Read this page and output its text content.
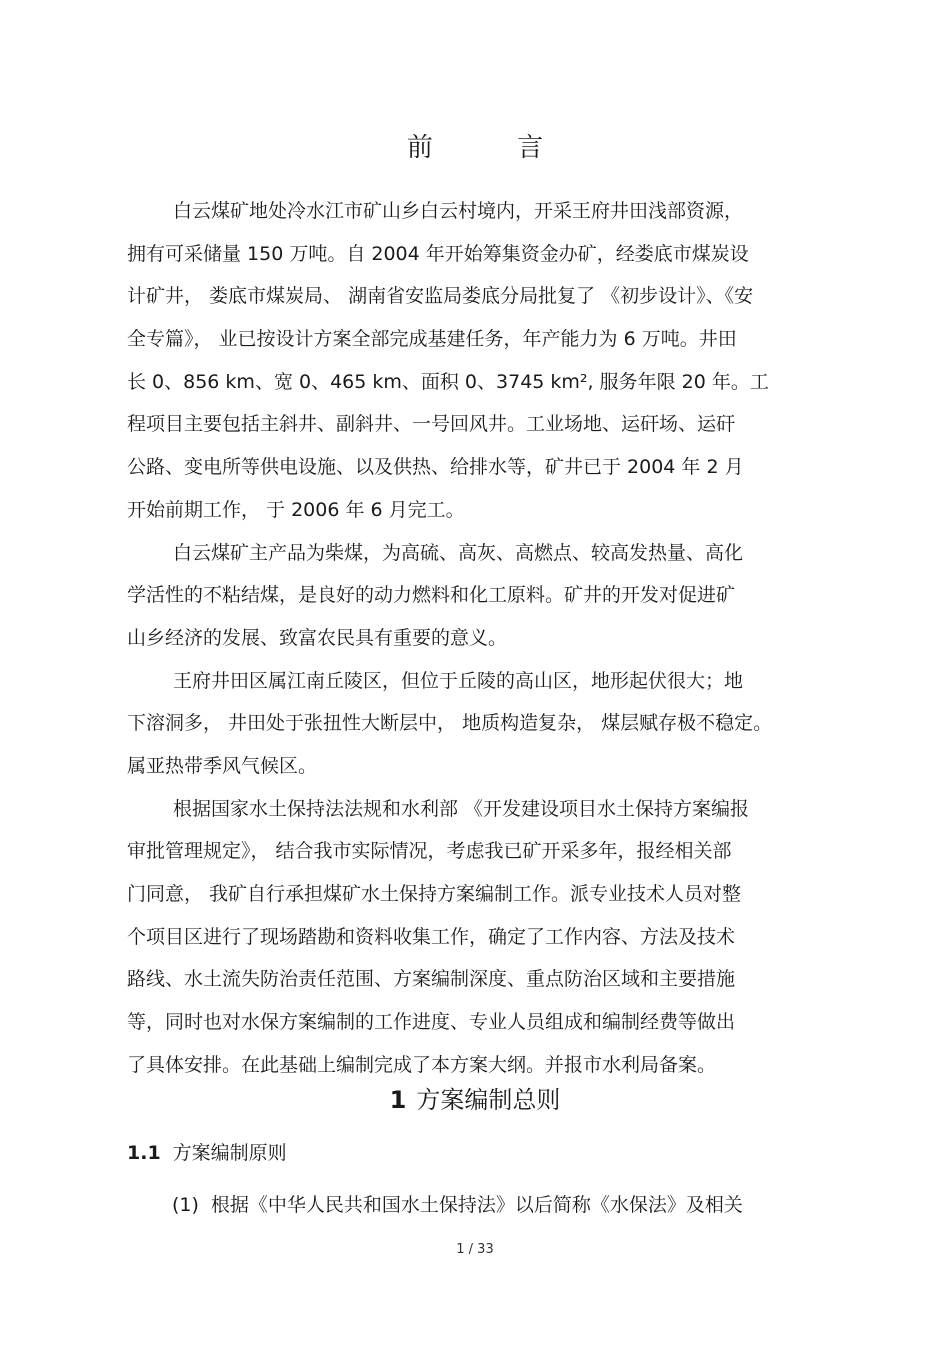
前 言
白云煤矿地处冷水江市矿山乡白云村境内，开采王府井田浅部资源，
拥有可采储量 150 万吨。自 2004 年开始筹集资金办矿，经娄底市煤炭设
计矿井， 娄底市煤炭局、 湖南省安监局娄底分局批复了 《初步设计》、《安
全专篇》， 业已按设计方案全部完成基建任务，年产能力为 6 万吨。井田
长 0、856 km、宽 0、465 km、面积 0、3745 km², 服务年限 20 年。工
程项目主要包括主斜井、副斜井、一号回风井。工业场地、运矸场、运矸
公路、变电所等供电设施、以及供热、给排水等，矿井已于 2004 年 2 月
开始前期工作， 于 2006 年 6 月完工。
白云煤矿主产品为柴煤，为高硫、高灰、高燃点、较高发热量、高化
学活性的不粘结煤，是良好的动力燃料和化工原料。矿井的开发对促进矿
山乡经济的发展、致富农民具有重要的意义。
王府井田区属江南丘陵区，但位于丘陵的高山区，地形起伏很大；地
下溶洞多， 井田处于张扭性大断层中， 地质构造复杂， 煤层赋存极不稳定。
属亚热带季风气候区。
根据国家水土保持法法规和水利部 《开发建设项目水土保持方案编报
审批管理规定》， 结合我市实际情况，考虑我已矿开采多年，报经相关部
门同意， 我矿自行承担煤矿水土保持方案编制工作。派专业技术人员对整
个项目区进行了现场踏勘和资料收集工作，确定了工作内容、方法及技术
路线、水土流失防治责任范围、方案编制深度、重点防治区域和主要措施
等，同时也对水保方案编制的工作进度、专业人员组成和编制经费等做出
了具体安排。在此基础上编制完成了本方案大纲。并报市水利局备案。
1 方案编制总则
1.1 方案编制原则
(1) 根据《中华人民共和国水土保持法》以后简称《水保法》及相关
1 / 33
